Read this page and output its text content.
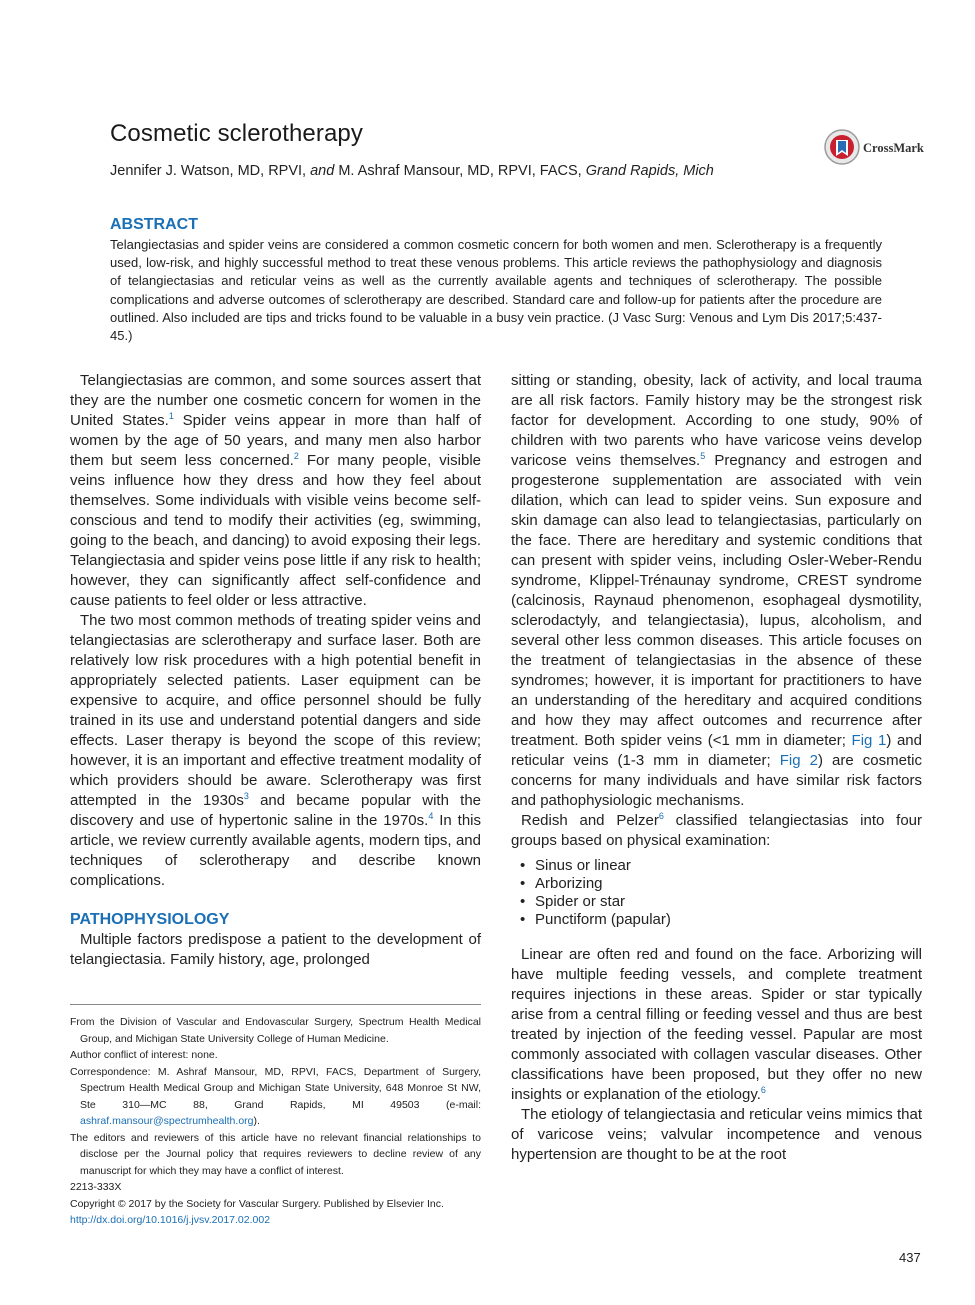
Cosmetic sclerotherapy
Jennifer J. Watson, MD, RPVI, and M. Ashraf Mansour, MD, RPVI, FACS, Grand Rapids, Mich
CrossMark
ABSTRACT
Telangiectasias and spider veins are considered a common cosmetic concern for both women and men. Sclerotherapy is a frequently used, low-risk, and highly successful method to treat these venous problems. This article reviews the pathophysiology and diagnosis of telangiectasias and reticular veins as well as the currently available agents and techniques of sclerotherapy. The possible complications and adverse outcomes of sclerotherapy are described. Standard care and follow-up for patients after the procedure are outlined. Also included are tips and tricks found to be valuable in a busy vein practice. (J Vasc Surg: Venous and Lym Dis 2017;5:437-45.)

Telangiectasias are common, and some sources assert that they are the number one cosmetic concern for women in the United States.$^1$ Spider veins appear in more than half of women by the age of 50 years, and many men also harbor them but seem less concerned.$^2$ For many people, visible veins influence how they dress and how they feel about themselves. Some individuals with visible veins become self-conscious and tend to modify their activities (eg, swimming, going to the beach, and dancing) to avoid exposing their legs. Telangiectasia and spider veins pose little if any risk to health; however, they can significantly affect self-confidence and cause patients to feel older or less attractive.

The two most common methods of treating spider veins and telangiectasias are sclerotherapy and surface laser. Both are relatively low risk procedures with a high potential benefit in appropriately selected patients. Laser equipment can be expensive to acquire, and office personnel should be fully trained in its use and understand potential dangers and side effects. Laser therapy is beyond the scope of this review; however, it is an important and effective treatment modality of which providers should be aware. Sclerotherapy was first attempted in the $1930s^3$ and became popular with the discovery and use of hypertonic saline in the 1970s.$^4$ In this article, we review currently available agents, modern tips, and techniques of sclerotherapy and describe known complications.

PATHOPHYSIOLOGY

Multiple factors predispose a patient to the development of telangiectasia. Family history, age, prolonged

sitting or standing, obesity, lack of activity, and local trauma are all risk factors. Family history may be the strongest risk factor for development. According to one study, 90% of children with two parents who have varicose veins develop varicose veins themselves.$^5$ Pregnancy and estrogen and progesterone supplementation are associated with vein dilation, which can lead to spider veins. Sun exposure and skin damage can also lead to telangiectasias, particularly on the face. There are hereditary and systemic conditions that can present with spider veins, including Osler-Weber-Rendu syndrome, Klippel-Trénaunay syndrome, CREST syndrome (calcinosis, Raynaud phenomenon, esophageal dysmotility, sclerodactyly, and telangiectasia), lupus, alcoholism, and several other less common diseases. This article focuses on the treatment of telangiectasias in the absence of these syndromes; however, it is important for practitioners to have an understanding of the hereditary and acquired conditions and how they may affect outcomes and recurrence after treatment. Both spider veins (<1 mm in diameter; Fig 1) and reticular veins (1-3 mm in diameter; Fig 2) are cosmetic concerns for many individuals and have similar risk factors and pathophysiologic mechanisms.

Redish and Pelzer$^6$ classified telangiectasias into four groups based on physical examination:

• Sinus or linear
• Arborizing
• Spider or star
• Punctiform (papular)

Linear are often red and found on the face. Arborizing will have multiple feeding vessels, and complete treatment requires injections in these areas. Spider or star typically arise from a central filling or feeding vessel and thus are best treated by injection of the feeding vessel. Papular are most commonly associated with collagen vascular diseases. Other classifications have been proposed, but they offer no new insights or explanation of the etiology.$^6$

The etiology of telangiectasia and reticular veins mimics that of varicose veins; valvular incompetence and venous hypertension are thought to be at the root

From the Division of Vascular and Endovascular Surgery, Spectrum Health Medical Group, and Michigan State University College of Human Medicine.
Author conflict of interest: none.
Correspondence: M. Ashraf Mansour, MD, RPVI, FACS, Department of Surgery, Spectrum Health Medical Group and Michigan State University, 648 Monroe St NW, Ste 310—MC 88, Grand Rapids, MI 49503 (e-mail: ashraf.mansour@spectrumhealth.org).
The editors and reviewers of this article have no relevant financial relationships to disclose per the Journal policy that requires reviewers to decline review of any manuscript for which they may have a conflict of interest.
2213-333X
Copyright © 2017 by the Society for Vascular Surgery. Published by Elsevier Inc.
http://dx.doi.org/10.1016/j.jvsv.2017.02.002
437
